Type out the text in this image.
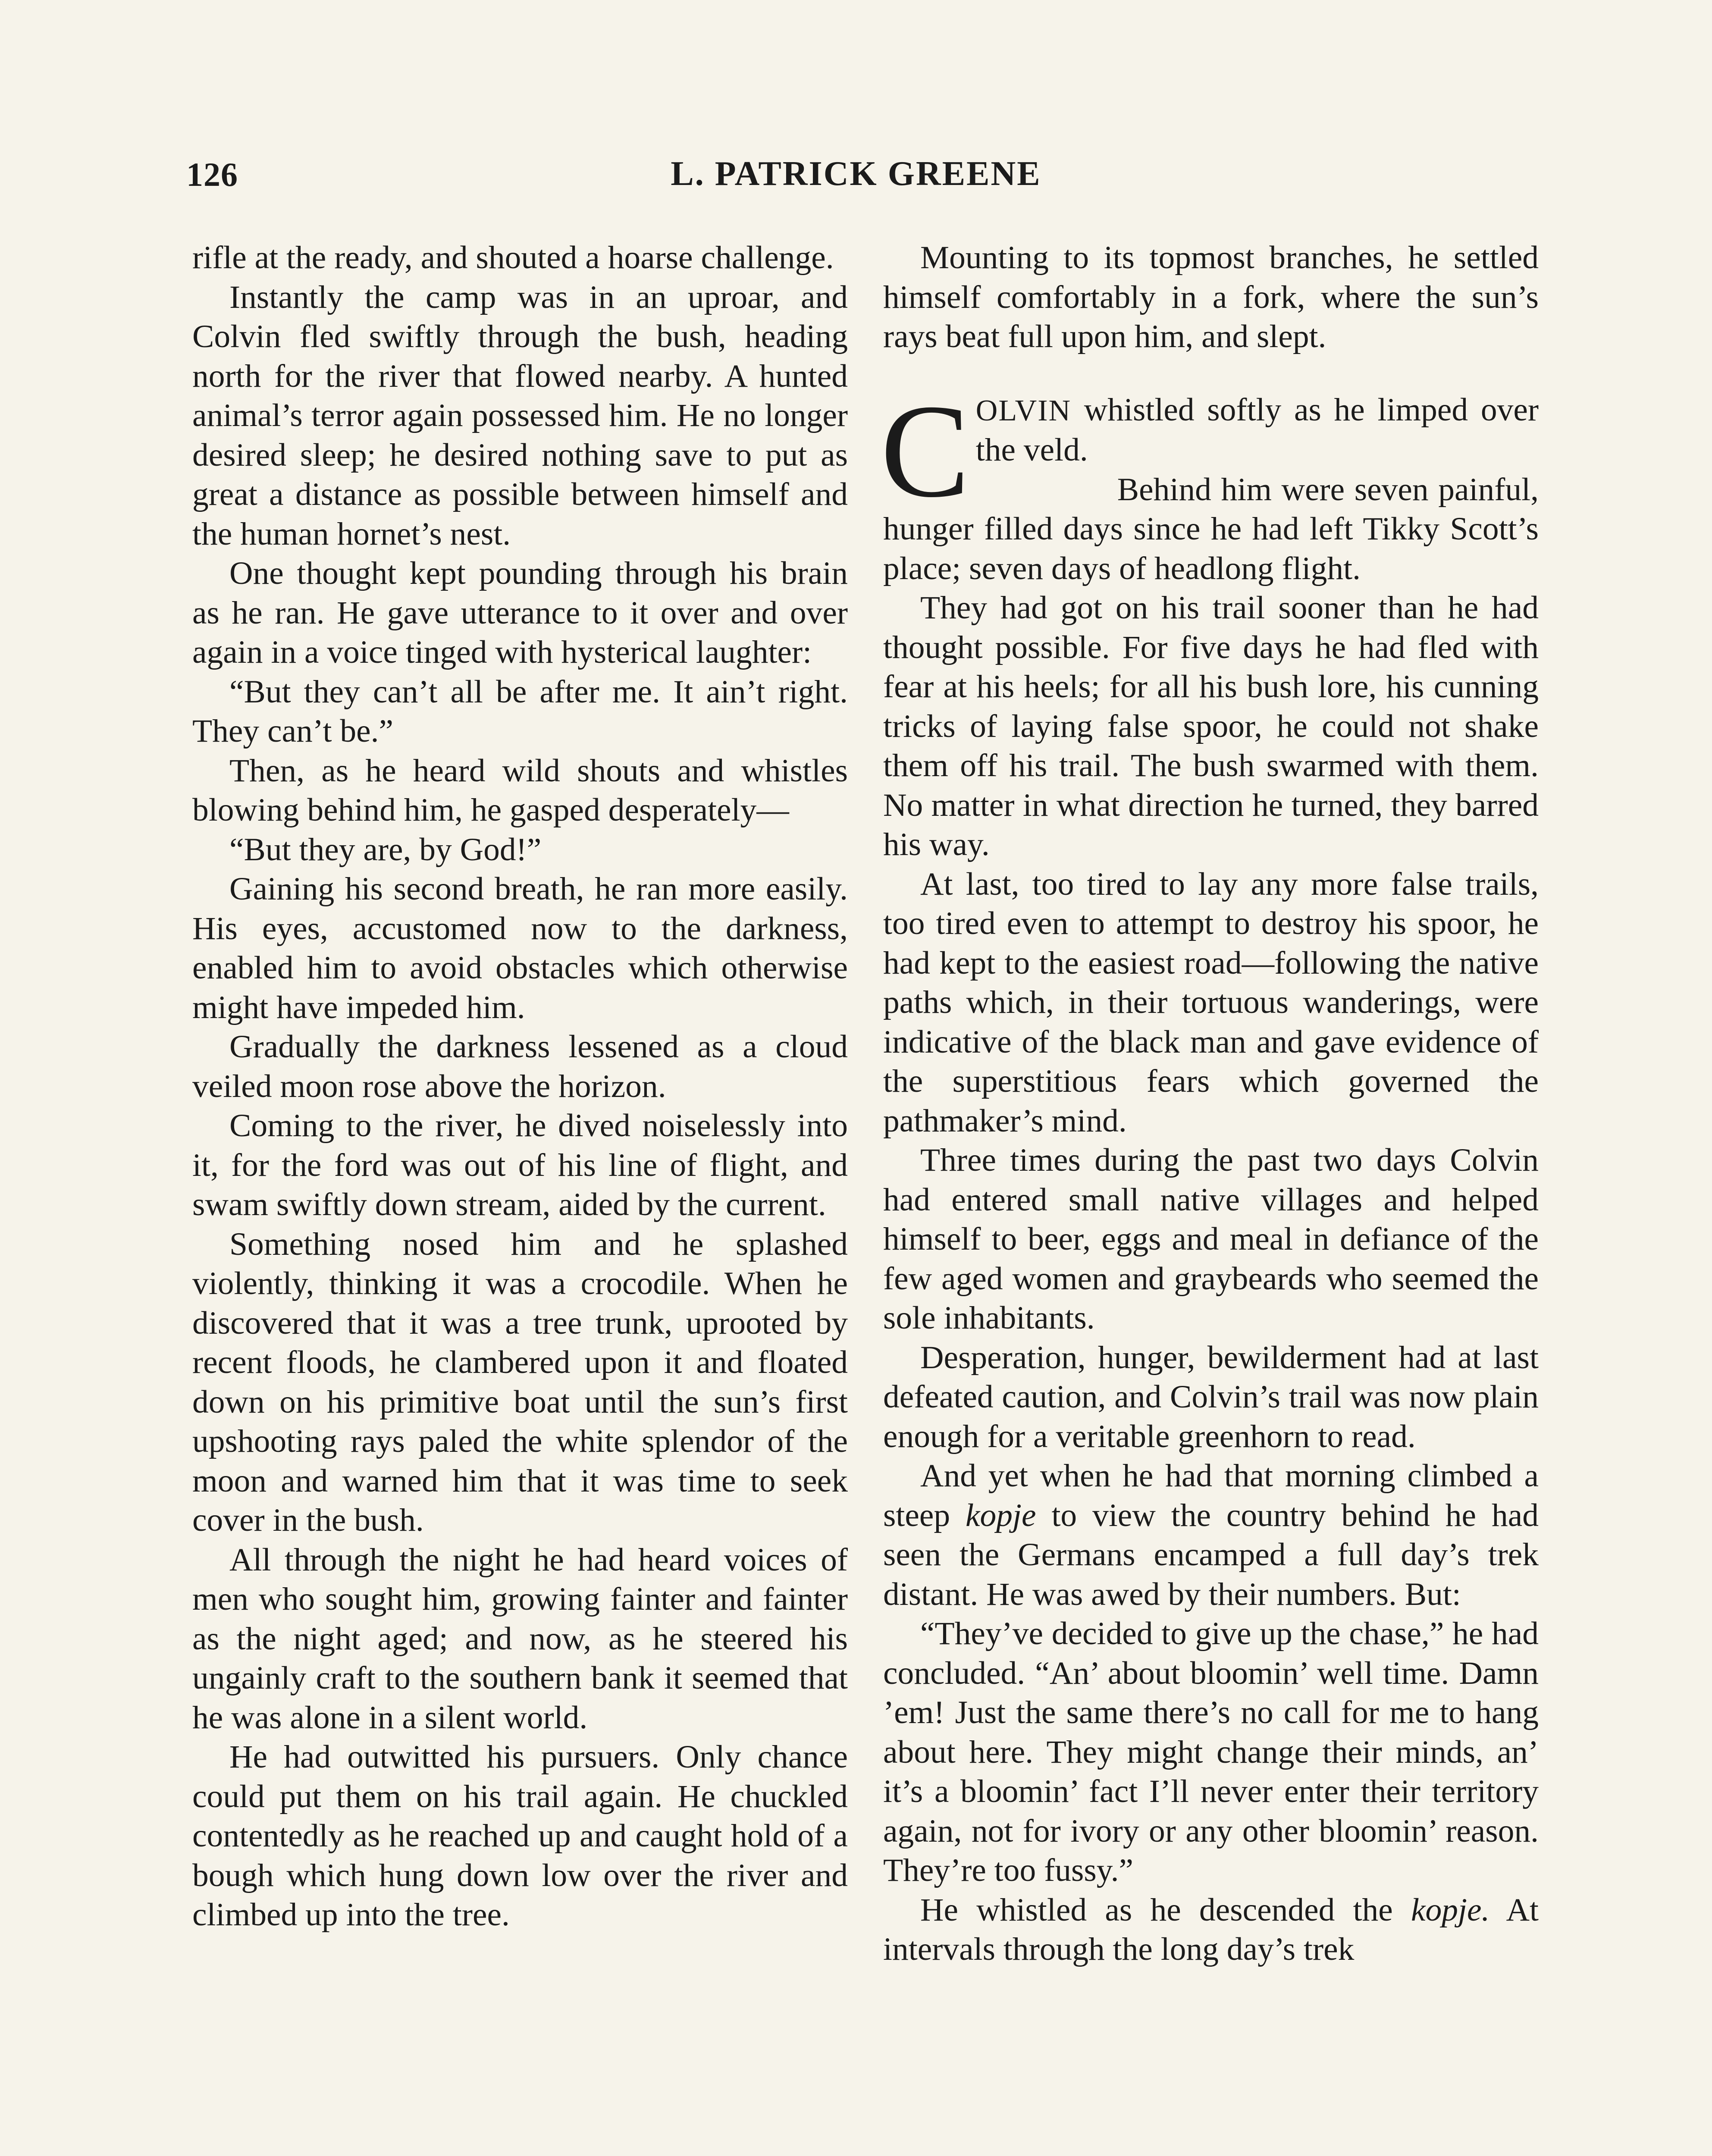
126	L. PATRICK GREENE

rifle at the ready, and shouted a hoarse challenge.

Instantly the camp was in an uproar, and Colvin fled swiftly through the bush, heading north for the river that flowed nearby. A hunted animal’s terror again possessed him. He no longer desired sleep; he desired nothing save to put as great a distance as possible between himself and the human hornet’s nest.

One thought kept pounding through his brain as he ran. He gave utterance to it over and over again in a voice tinged with hysterical laughter:

“But they can’t all be after me. It ain’t right. They can’t be.”

Then, as he heard wild shouts and whistles blowing behind him, he gasped desperately—

“But they are, by God!”

Gaining his second breath, he ran more easily. His eyes, accustomed now to the darkness, enabled him to avoid obstacles which otherwise might have impeded him.

Gradually the darkness lessened as a cloud veiled moon rose above the horizon.

Coming to the river, he dived noiselessly into it, for the ford was out of his line of flight, and swam swiftly down stream, aided by the current.

Something nosed him and he splashed violently, thinking it was a crocodile. When he discovered that it was a tree trunk, uprooted by recent floods, he clambered upon it and floated down on his primitive boat until the sun’s first upshooting rays paled the white splendor of the moon and warned him that it was time to seek cover in the bush.

All through the night he had heard voices of men who sought him, growing fainter and fainter as the night aged; and now, as he steered his ungainly craft to the southern bank it seemed that he was alone in a silent world.

He had outwitted his pursuers. Only chance could put them on his trail again. He chuckled contentedly as he reached up and caught hold of a bough which hung down low over the river and climbed up into the tree.

Mounting to its topmost branches, he settled himself comfortably in a fork, where the sun’s rays beat full upon him, and slept.

COLVIN whistled softly as he limped over the veld.

Behind him were seven painful, hunger filled days since he had left Tikky Scott’s place; seven days of headlong flight.

They had got on his trail sooner than he had thought possible. For five days he had fled with fear at his heels; for all his bush lore, his cunning tricks of laying false spoor, he could not shake them off his trail. The bush swarmed with them. No matter in what direction he turned, they barred his way.

At last, too tired to lay any more false trails, too tired even to attempt to destroy his spoor, he had kept to the easiest road—following the native paths which, in their tortuous wanderings, were indicative of the black man and gave evidence of the superstitious fears which governed the pathmaker’s mind.

Three times during the past two days Colvin had entered small native villages and helped himself to beer, eggs and meal in defiance of the few aged women and graybeards who seemed the sole inhabitants.

Desperation, hunger, bewilderment had at last defeated caution, and Colvin’s trail was now plain enough for a veritable greenhorn to read.

And yet when he had that morning climbed a steep kopje to view the country behind he had seen the Germans encamped a full day’s trek distant. He was awed by their numbers. But:

“They’ve decided to give up the chase,” he had concluded. “An’ about bloomin’ well time. Damn ’em! Just the same there’s no call for me to hang about here. They might change their minds, an’ it’s a bloomin’ fact I’ll never enter their territory again, not for ivory or any other bloomin’ reason. They’re too fussy.”

He whistled as he descended the kopje. At intervals through the long day’s trek
